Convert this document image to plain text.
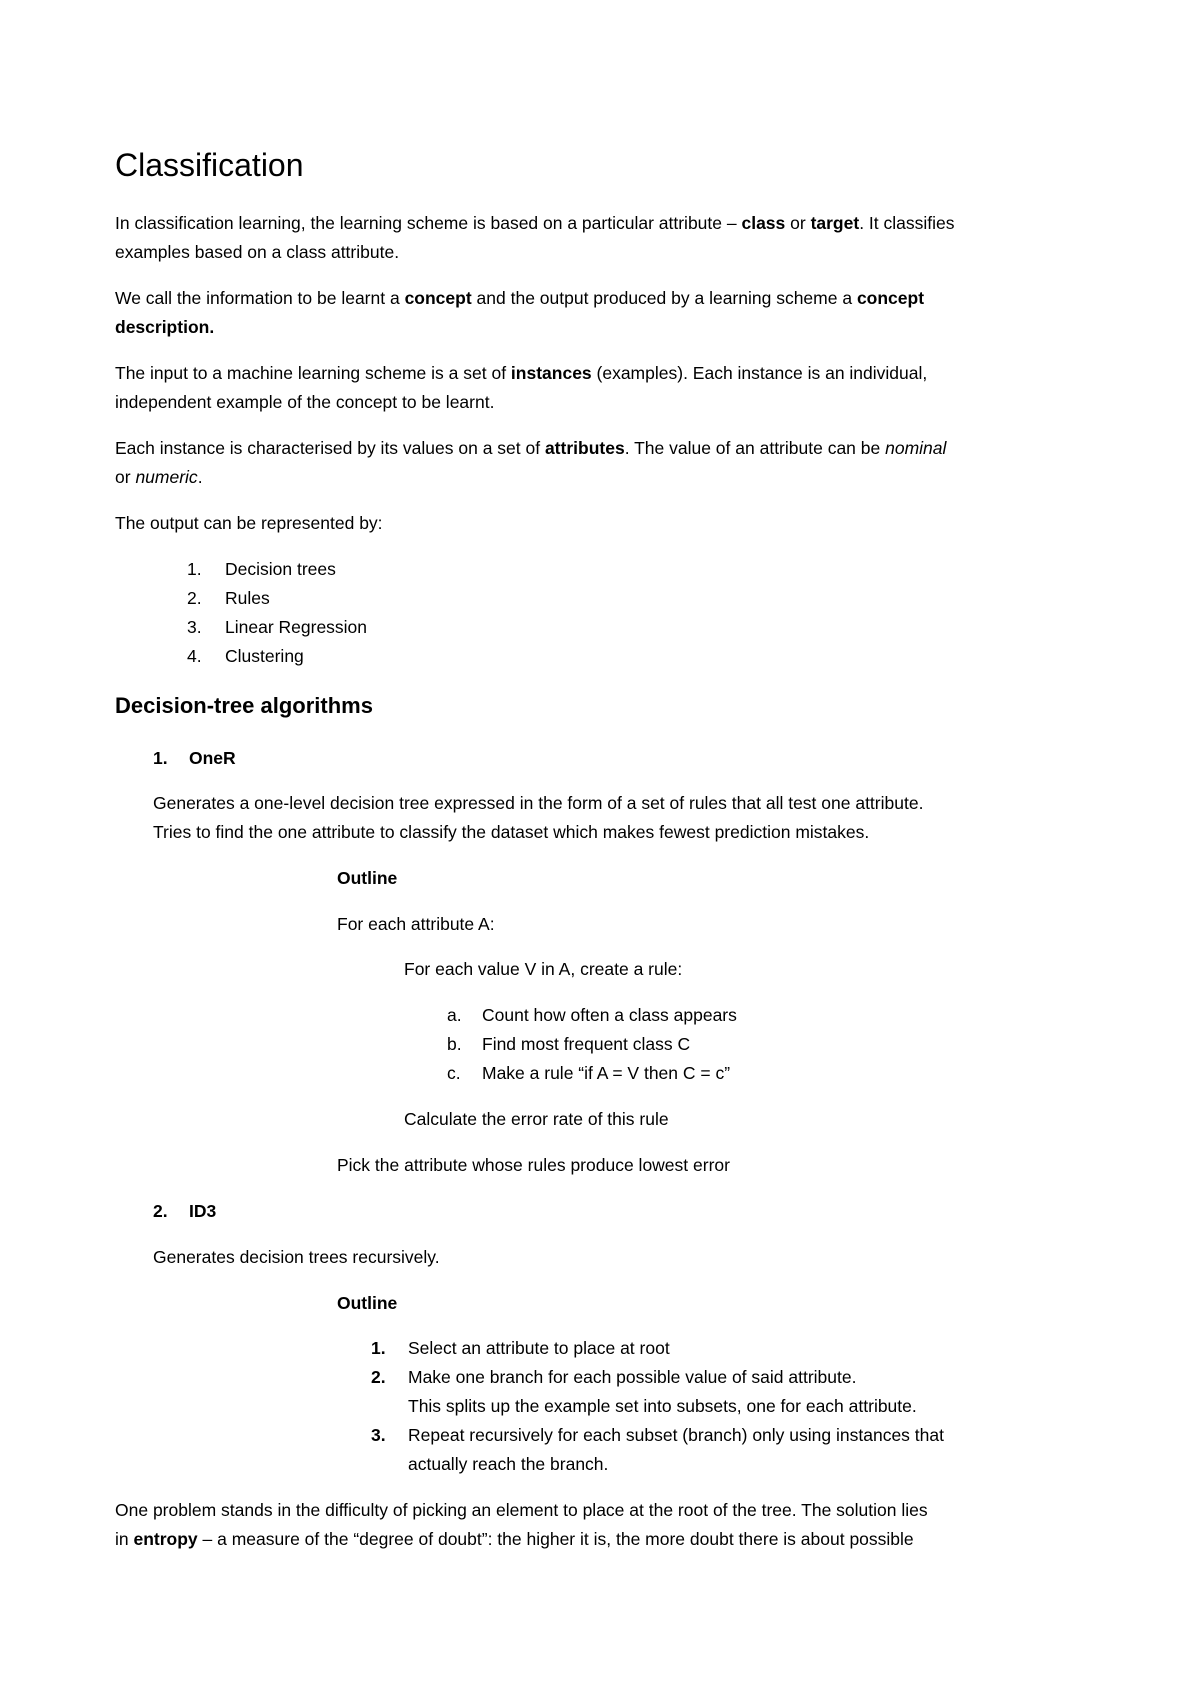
Classification
In classification learning, the learning scheme is based on a particular attribute – class or target. It classifies
examples based on a class attribute.
We call the information to be learnt a concept and the output produced by a learning scheme a concept
description.
The input to a machine learning scheme is a set of instances (examples). Each instance is an individual,
independent example of the concept to be learnt.
Each instance is characterised by its values on a set of attributes. The value of an attribute can be nominal
or numeric.
The output can be represented by:
1. Decision trees
2. Rules
3. Linear Regression
4. Clustering
Decision-tree algorithms
1. OneR
Generates a one-level decision tree expressed in the form of a set of rules that all test one attribute.
Tries to find the one attribute to classify the dataset which makes fewest prediction mistakes.
Outline
For each attribute A:
For each value V in A, create a rule:
a. Count how often a class appears
b. Find most frequent class C
c. Make a rule “if A = V then C = c”
Calculate the error rate of this rule
Pick the attribute whose rules produce lowest error
2. ID3
Generates decision trees recursively.
Outline
1. Select an attribute to place at root
2. Make one branch for each possible value of said attribute.
This splits up the example set into subsets, one for each attribute.
3. Repeat recursively for each subset (branch) only using instances that
actually reach the branch.
One problem stands in the difficulty of picking an element to place at the root of the tree. The solution lies
in entropy – a measure of the “degree of doubt”: the higher it is, the more doubt there is about possible
